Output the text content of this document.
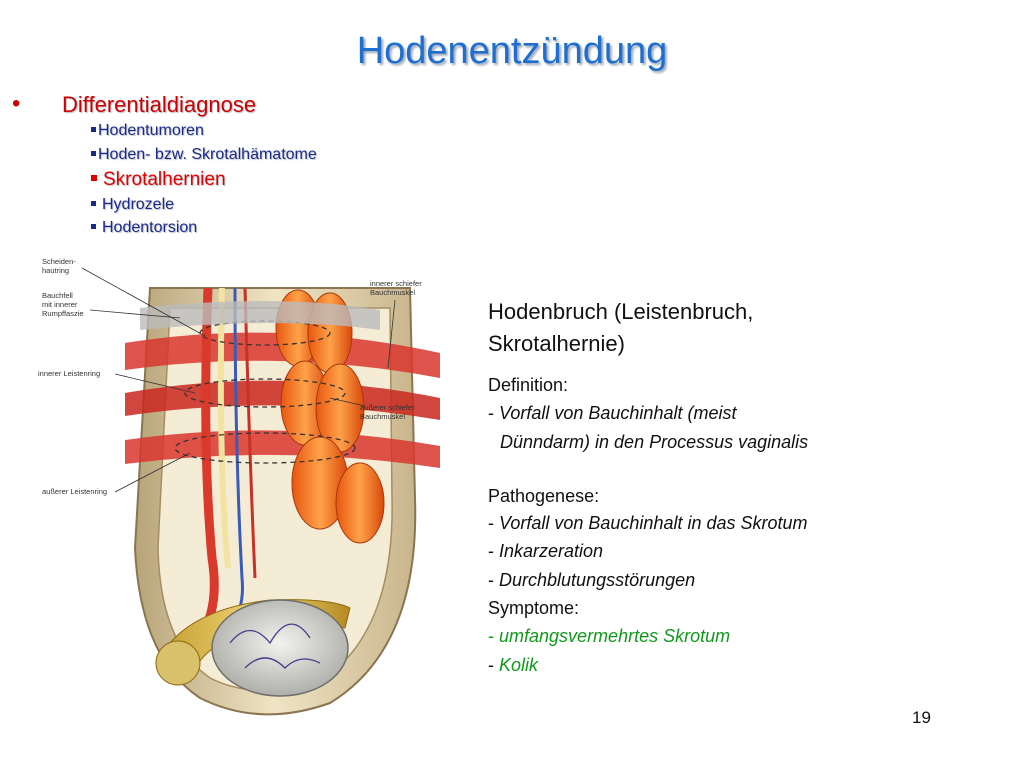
Hodenentzündung
• Differentialdiagnose
Hodentumoren
Hoden- bzw. Skrotalhämatome
Skrotalhernien
Hydrozele
Hodentorsion
Scheiden-
hautring
Bauchfell
mit innerer
Rumpffaszie
innerer Leistenring
außerer Leistenring
innerer schiefer
Bauchmuskel
außerer schiefer
Bauchmuskel
Hodenbruch (Leistenbruch,
Skrotalhernie)
Definition:
- Vorfall von Bauchinhalt (meist
Dünndarm) in den Processus vaginalis
Pathogenese:
- Vorfall von Bauchinhalt in das Skrotum
- Inkarzeration
- Durchblutungsstörungen
Symptome:
- umfangsvermehrtes Skrotum
- Kolik
19
